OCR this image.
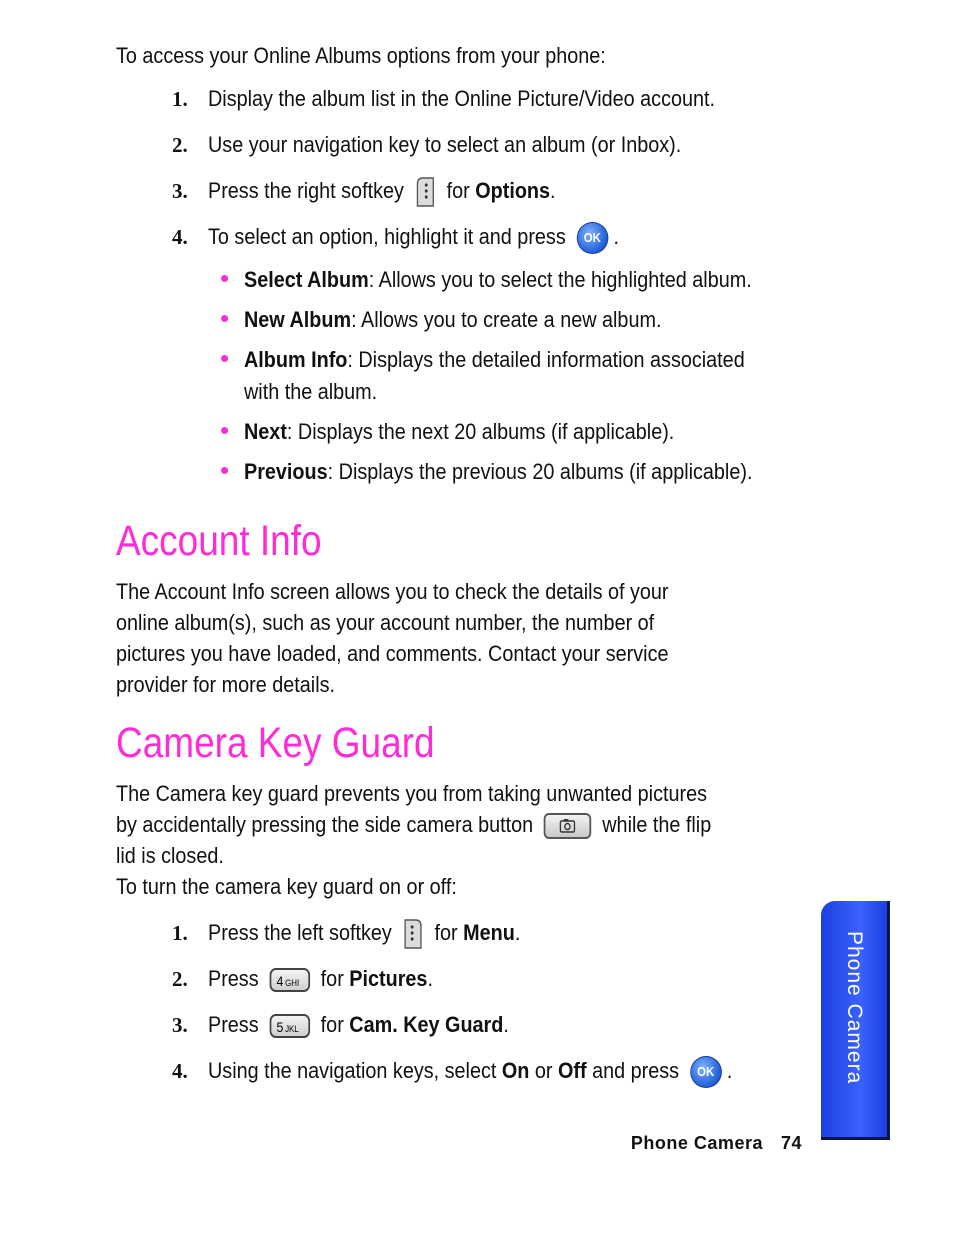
To access your Online Albums options from your phone:

1. Display the album list in the Online Picture/Video account.
2. Use your navigation key to select an album (or Inbox).
3. Press the right softkey for Options.
4. To select an option, highlight it and press OK .
• Select Album: Allows you to select the highlighted album.
• New Album: Allows you to create a new album.
• Album Info: Displays the detailed information associated
with the album.
• Next: Displays the next 20 albums (if applicable).
• Previous: Displays the previous 20 albums (if applicable).
Account Info

The Account Info screen allows you to check the details of your

online album(s), such as your account number, the number of

pictures you have loaded, and comments. Contact your service

provider for more details.

Camera Key Guard

The Camera key guard prevents you from taking unwanted pictures

by accidentally pressing the side camera button	while the flip

lid is closed.

To turn the camera key guard on or off:

1. Press the left softkey for Menu.
2. Press 4 GHI for Pictures.
3. Press 5 JKL for Cam. Key Guard.
4. Using the navigation keys, select On or Off and press OK .	Phone Camera
Phone Camera 74
